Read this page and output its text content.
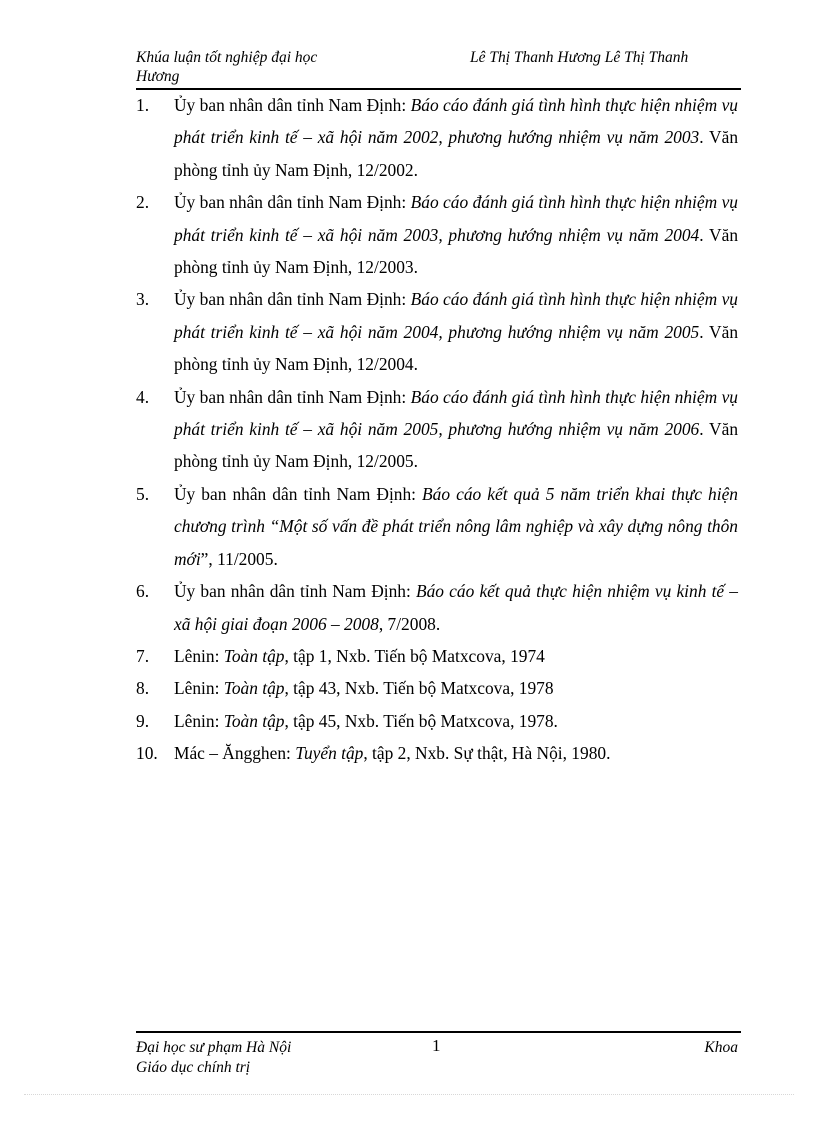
Khúa luận tốt nghiệp đại học
Hương
Lê Thị Thanh Hương Lê Thị Thanh
1.	Ủy ban nhân dân tỉnh Nam Định: Báo cáo đánh giá tình hình thực hiện nhiệm vụ phát triển kinh tế – xã hội năm 2002, phương hướng nhiệm vụ năm 2003. Văn phòng tỉnh ủy Nam Định, 12/2002.
2.	Ủy ban nhân dân tỉnh Nam Định: Báo cáo đánh giá tình hình thực hiện nhiệm vụ phát triển kinh tế – xã hội năm 2003, phương hướng nhiệm vụ năm 2004. Văn phòng tỉnh ủy Nam Định, 12/2003.
3.	Ủy ban nhân dân tỉnh Nam Định: Báo cáo đánh giá tình hình thực hiện nhiệm vụ phát triển kinh tế – xã hội năm 2004, phương hướng nhiệm vụ năm 2005. Văn phòng tỉnh ủy Nam Định, 12/2004.
4.	Ủy ban nhân dân tỉnh Nam Định: Báo cáo đánh giá tình hình thực hiện nhiệm vụ phát triển kinh tế – xã hội năm 2005, phương hướng nhiệm vụ năm 2006. Văn phòng tỉnh ủy Nam Định, 12/2005.
5.	Ủy ban nhân dân tỉnh Nam Định: Báo cáo kết quả 5 năm triển khai thực hiện chương trình “Một số vấn đề phát triển nông lâm nghiệp và xây dựng nông thôn mới”, 11/2005.
6.	Ủy ban nhân dân tỉnh Nam Định: Báo cáo kết quả thực hiện nhiệm vụ kinh tế – xã hội giai đoạn 2006 – 2008, 7/2008.
7.	Lênin: Toàn tập, tập 1, Nxb. Tiến bộ Matxcova, 1974
8.	Lênin: Toàn tập, tập 43, Nxb. Tiến bộ Matxcova, 1978
9.	Lênin: Toàn tập, tập 45, Nxb. Tiến bộ Matxcova, 1978.
10. Mác – Ăngghen: Tuyển tập, tập 2, Nxb. Sự thật, Hà Nội, 1980.
Đại học sư phạm Hà Nội
Giáo dục chính trị
1	Khoa
